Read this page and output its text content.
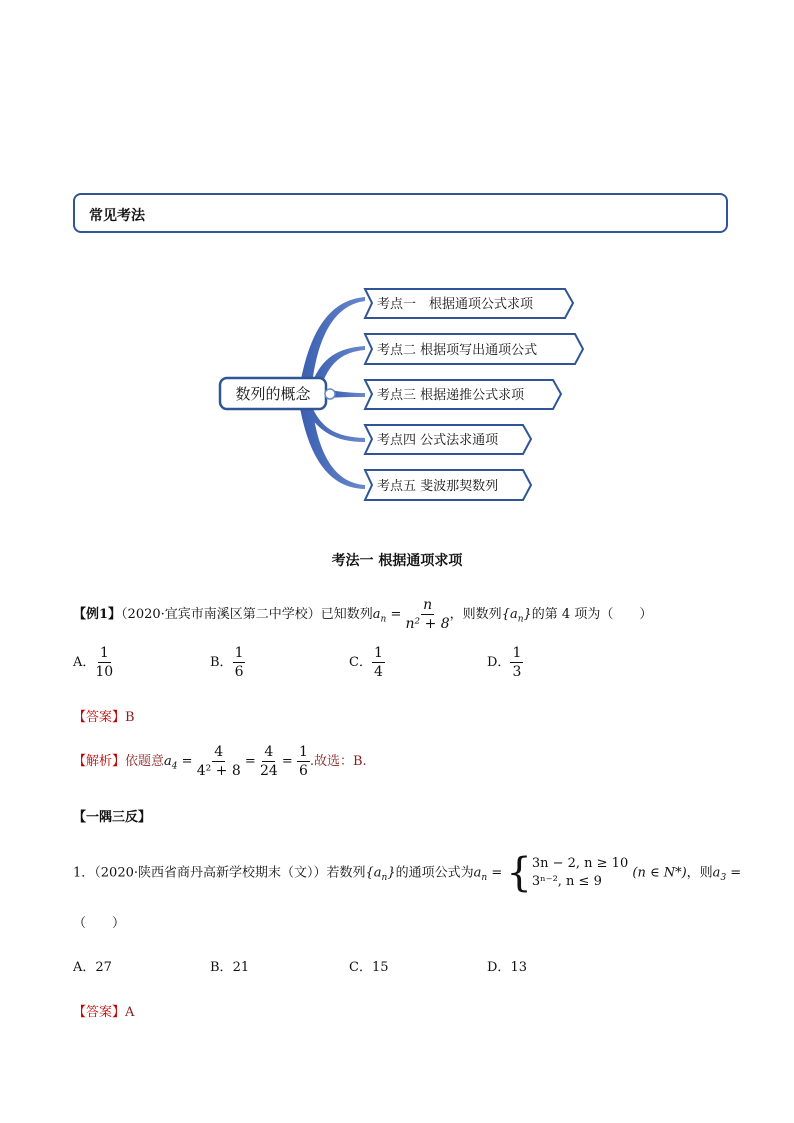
常见考法
数列的概念
考点一　根据通项公式求项
考点二 根据项写出通项公式
考点三 根据递推公式求项
考点四 公式法求通项
考点五 斐波那契数列
考法一 根据通项求项
【例1】（2020·宜宾市南溪区第二中学校）已知数列$a_n = \frac{n}{\text{n² + 8}}$ ，则数列$\{a_n\}$的第 4 项为（　　）
A． $\frac{1}{10}$	B． $\frac{1}{6}$	C． $\frac{1}{4}$	D． $\frac{1}{3}$
【答案】B
【解析】依题意$a_4 = \frac{4}{\text{4² + 8}} = \frac{4}{24} = \frac{1}{6}$ .故选：B.
【一隅三反】
1．（2020·陕西省商丹高新学校期末（文））若数列$\{a_n\}$的通项公式为$a_n$ = { 3n − 2, n ≥ 10
3ⁿ⁻², n ≤ 9
(n ∈ N*)，则$a_3$ =
（　　）
A．27	B．21	C．15	D．13
【答案】A
